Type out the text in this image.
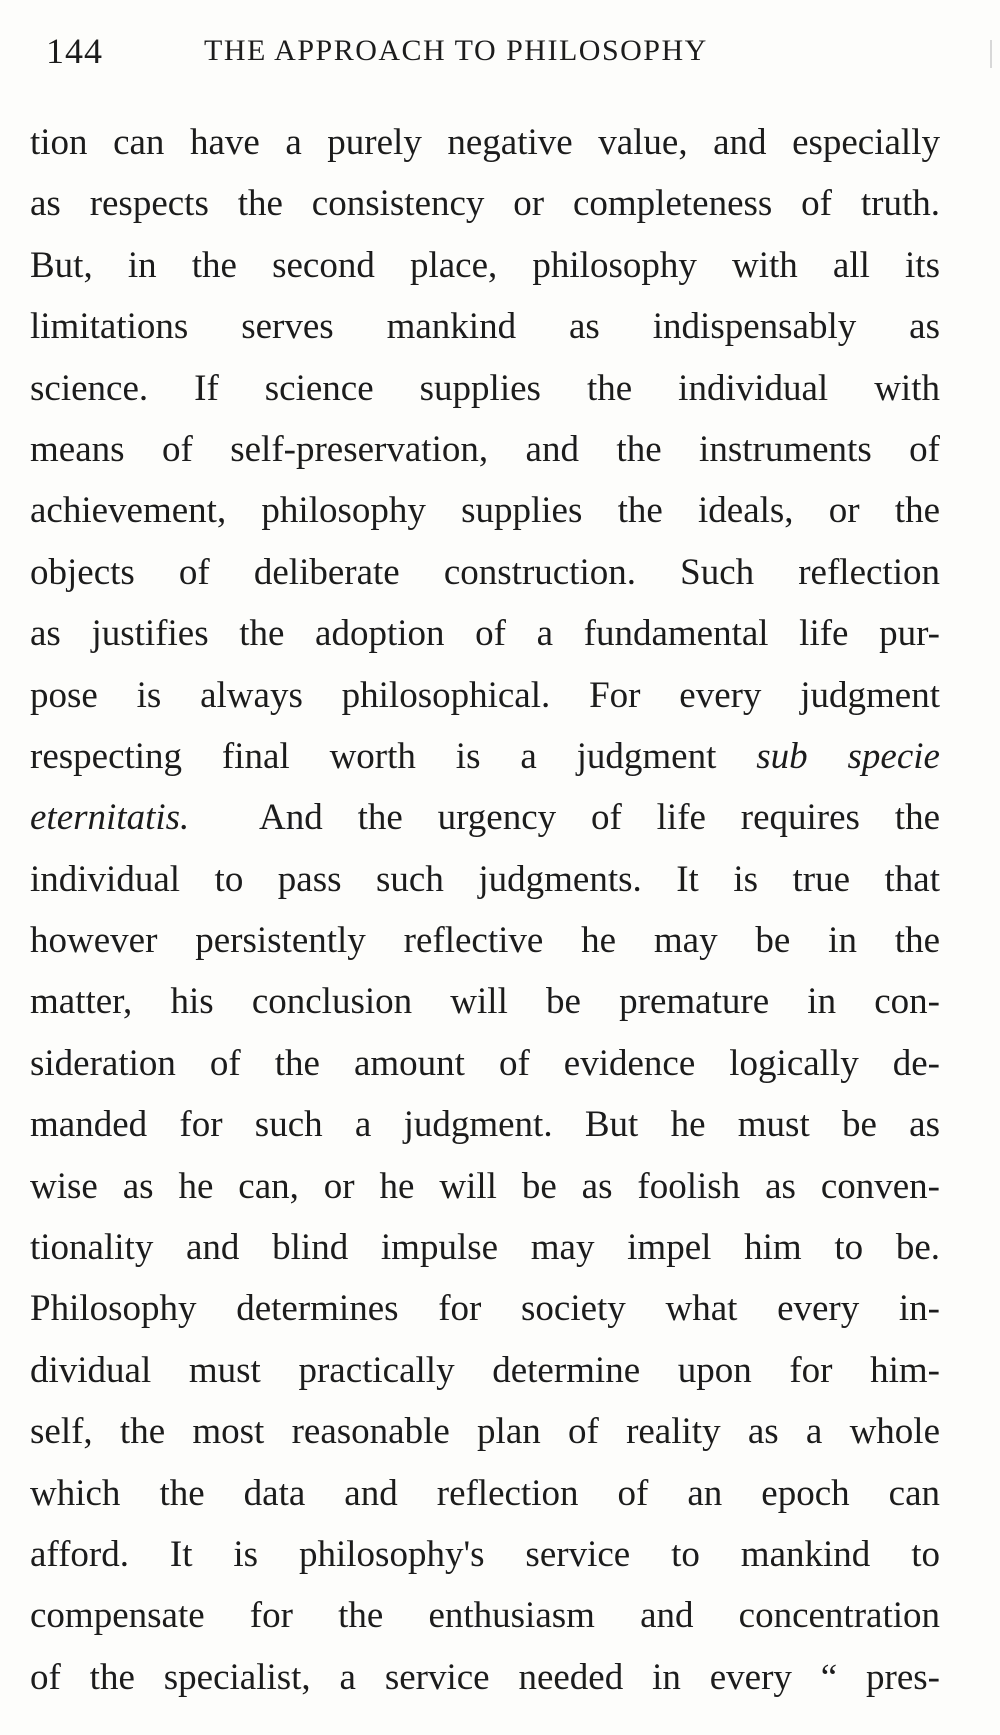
144	THE APPROACH TO PHILOSOPHY
tion can have a purely negative value, and especially
as respects the consistency or completeness of truth.
But, in the second place, philosophy with all its
limitations serves mankind as indispensably as
science. If science supplies the individual with
means of self-preservation, and the instruments of
achievement, philosophy supplies the ideals, or the
objects of deliberate construction. Such reflection
as justifies the adoption of a fundamental life pur-
pose is always philosophical. For every judgment
respecting final worth is a judgment sub specie
eternitatis. And the urgency of life requires the
individual to pass such judgments. It is true that
however persistently reflective he may be in the
matter, his conclusion will be premature in con-
sideration of the amount of evidence logically de-
manded for such a judgment. But he must be as
wise as he can, or he will be as foolish as conven-
tionality and blind impulse may impel him to be.
Philosophy determines for society what every in-
dividual must practically determine upon for him-
self, the most reasonable plan of reality as a whole
which the data and reflection of an epoch can
afford. It is philosophy's service to mankind to
compensate for the enthusiasm and concentration
of the specialist, a service needed in every “ pres-
